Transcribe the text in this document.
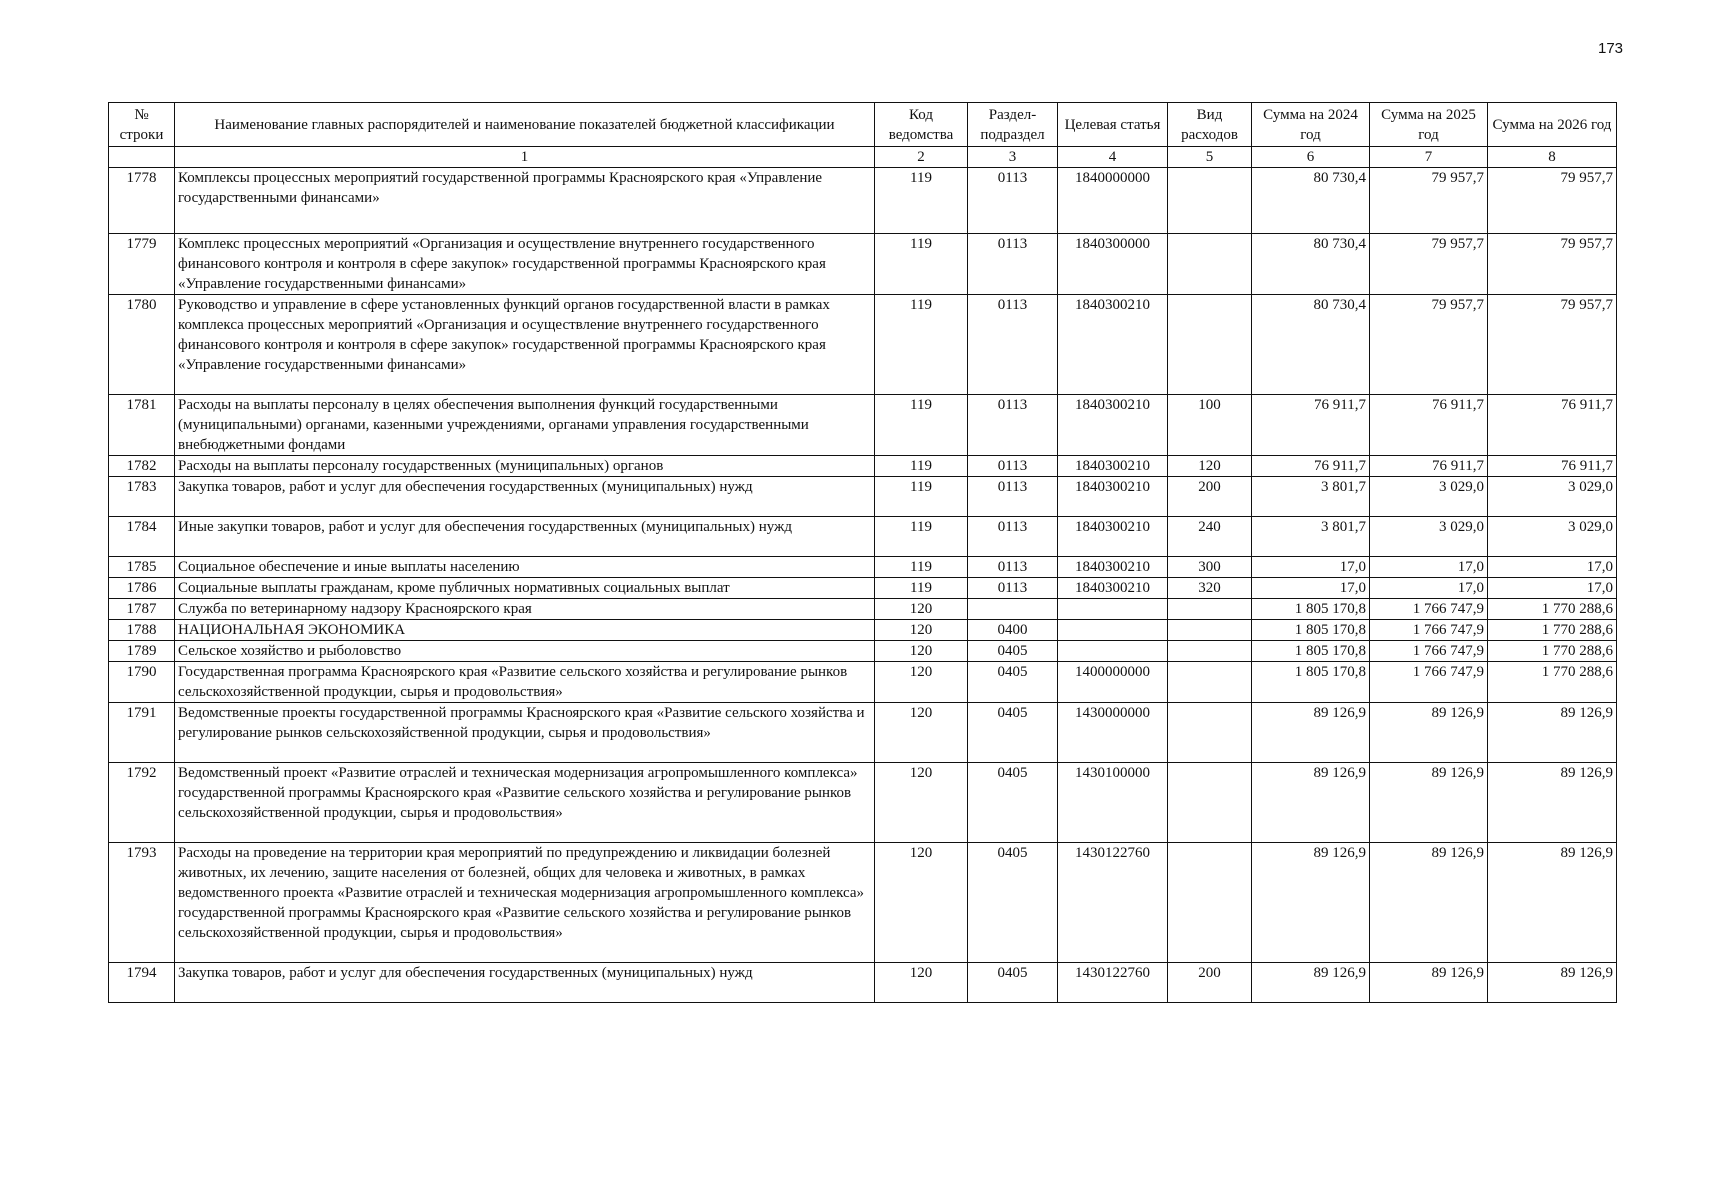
173
№ строки	Наименование главных распорядителей и наименование показателей бюджетной классификации	Код ведомства	Раздел-подраздел	Целевая статья	Вид расходов	Сумма на 2024 год	Сумма на 2025 год	Сумма на 2026 год
	1	2	3	4	5	6	7	8
1778	Комплексы процессных мероприятий государственной программы Красноярского края «Управление государственными финансами»	119	0113	1840000000		80 730,4	79 957,7	79 957,7
1779	Комплекс процессных мероприятий «Организация и осуществление внутреннего государственного финансового контроля и контроля в сфере закупок» государственной программы Красноярского края «Управление государственными финансами»	119	0113	1840300000		80 730,4	79 957,7	79 957,7
1780	Руководство и управление в сфере установленных функций органов государственной власти в рамках комплекса процессных мероприятий «Организация и осуществление внутреннего государственного финансового контроля и контроля в сфере закупок» государственной программы Красноярского края «Управление государственными финансами»	119	0113	1840300210		80 730,4	79 957,7	79 957,7
1781	Расходы на выплаты персоналу в целях обеспечения выполнения функций государственными (муниципальными) органами, казенными учреждениями, органами управления государственными внебюджетными фондами	119	0113	1840300210	100	76 911,7	76 911,7	76 911,7
1782	Расходы на выплаты персоналу государственных (муниципальных) органов	119	0113	1840300210	120	76 911,7	76 911,7	76 911,7
1783	Закупка товаров, работ и услуг для обеспечения государственных (муниципальных) нужд	119	0113	1840300210	200	3 801,7	3 029,0	3 029,0
1784	Иные закупки товаров, работ и услуг для обеспечения государственных (муниципальных) нужд	119	0113	1840300210	240	3 801,7	3 029,0	3 029,0
1785	Социальное обеспечение и иные выплаты населению	119	0113	1840300210	300	17,0	17,0	17,0
1786	Социальные выплаты гражданам, кроме публичных нормативных социальных выплат	119	0113	1840300210	320	17,0	17,0	17,0
1787	Служба по ветеринарному надзору Красноярского края	120				1 805 170,8	1 766 747,9	1 770 288,6
1788	НАЦИОНАЛЬНАЯ ЭКОНОМИКА	120	0400			1 805 170,8	1 766 747,9	1 770 288,6
1789	Сельское хозяйство и рыболовство	120	0405			1 805 170,8	1 766 747,9	1 770 288,6
1790	Государственная программа Красноярского края «Развитие сельского хозяйства и регулирование рынков сельскохозяйственной продукции, сырья и продовольствия»	120	0405	1400000000		1 805 170,8	1 766 747,9	1 770 288,6
1791	Ведомственные проекты государственной программы Красноярского края «Развитие сельского хозяйства и регулирование рынков сельскохозяйственной продукции, сырья и продовольствия»	120	0405	1430000000		89 126,9	89 126,9	89 126,9
1792	Ведомственный проект «Развитие отраслей и техническая модернизация агропромышленного комплекса» государственной программы Красноярского края «Развитие сельского хозяйства и регулирование рынков сельскохозяйственной продукции, сырья и продовольствия»	120	0405	1430100000		89 126,9	89 126,9	89 126,9
1793	Расходы на проведение на территории края мероприятий по предупреждению и ликвидации болезней животных, их лечению, защите населения от болезней, общих для человека и животных, в рамках ведомственного проекта «Развитие отраслей и техническая модернизация агропромышленного комплекса» государственной программы Красноярского края «Развитие сельского хозяйства и регулирование рынков сельскохозяйственной продукции, сырья и продовольствия»	120	0405	1430122760		89 126,9	89 126,9	89 126,9
1794	Закупка товаров, работ и услуг для обеспечения государственных (муниципальных) нужд	120	0405	1430122760	200	89 126,9	89 126,9	89 126,9
